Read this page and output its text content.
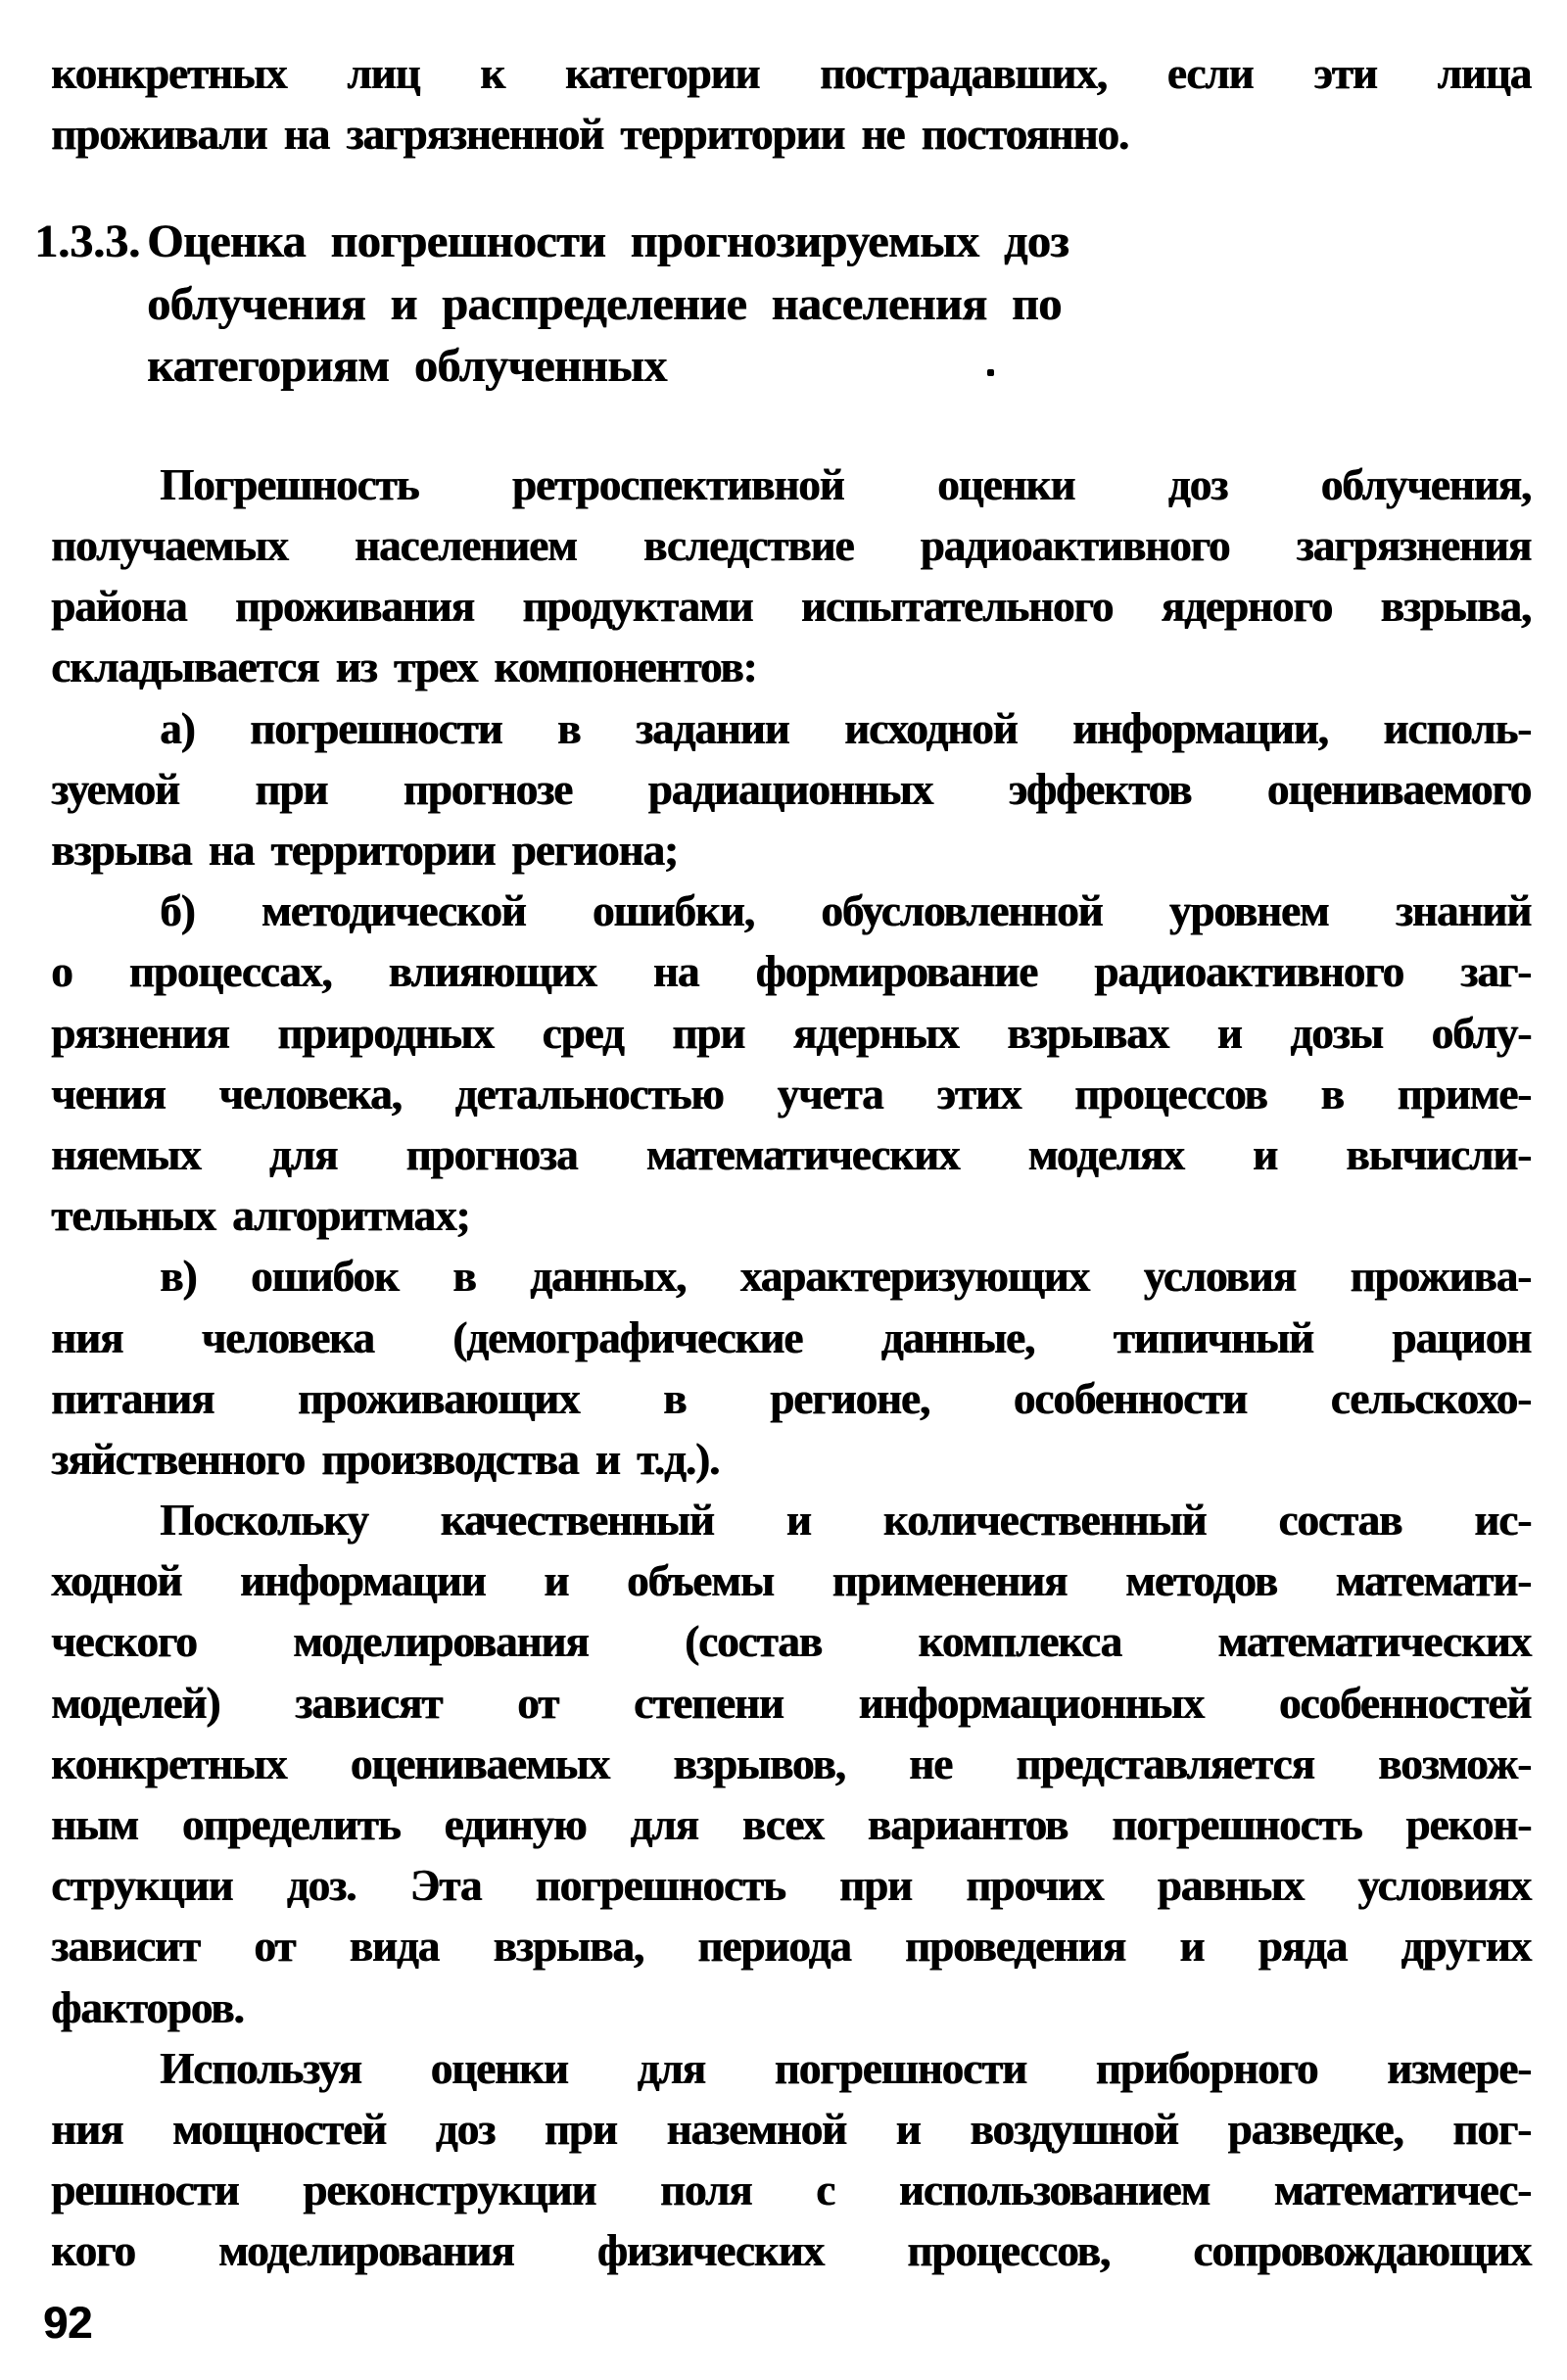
конкретных лиц к категории пострадавших, если эти лица
проживали на загрязненной территории не постоянно.
1.3.3. Оценка погрешности прогнозируемых доз
облучения и распределение населения по
категориям облученных
Погрешность ретроспективной оценки доз облучения,
получаемых населением вследствие радиоактивного загрязнения
района проживания продуктами испытательного ядерного взрыва,
складывается из трех компонентов:
а) погрешности в задании исходной информации, исполь-
зуемой при прогнозе радиационных эффектов оцениваемого
взрыва на территории региона;
б) методической ошибки, обусловленной уровнем знаний
о процессах, влияющих на формирование радиоактивного заг-
рязнения природных сред при ядерных взрывах и дозы облу-
чения человека, детальностью учета этих процессов в приме-
няемых для прогноза математических моделях и вычисли-
тельных алгоритмах;
в) ошибок в данных, характеризующих условия прожива-
ния человека (демографические данные, типичный рацион
питания проживающих в регионе, особенности сельскохо-
зяйственного производства и т.д.).
Поскольку качественный и количественный состав ис-
ходной информации и объемы применения методов математи-
ческого моделирования (состав комплекса математических
моделей) зависят от степени информационных особенностей
конкретных оцениваемых взрывов, не представляется возмож-
ным определить единую для всех вариантов погрешность рекон-
струкции доз. Эта погрешность при прочих равных условиях
зависит от вида взрыва, периода проведения и ряда других
факторов.
Используя оценки для погрешности приборного измере-
ния мощностей доз при наземной и воздушной разведке, пог-
решности реконструкции поля с использованием математичес-
кого моделирования физических процессов, сопровождающих
92
